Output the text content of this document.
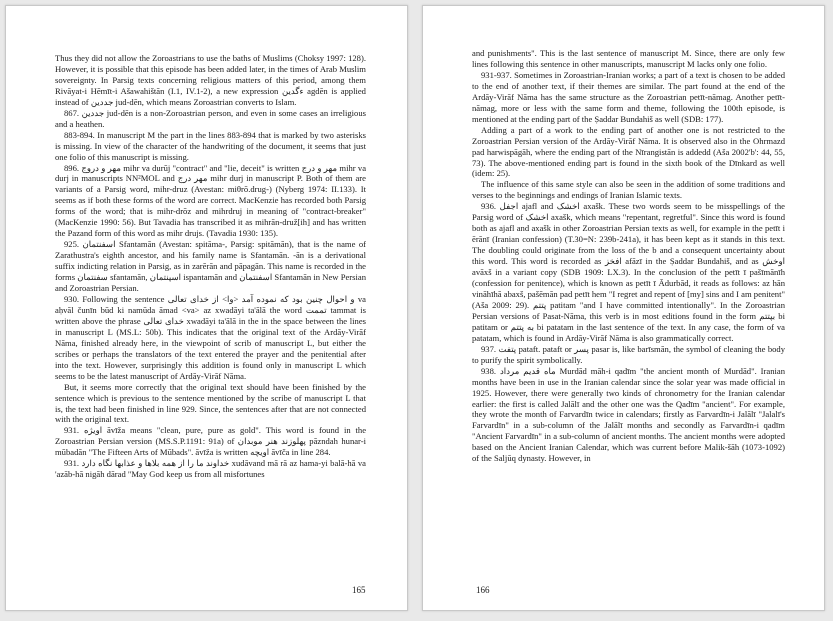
Thus they did not allow the Zoroastrians to use the baths of Muslims (Choksy 1997: 128). However, it is possible that this episode has been added later, in the times of Arab Muslim sovereignty. In Parsig texts concerning religious matters of this period, among them Rivāyat-i Hēmīt-i Ašawahištān (I.1, IV.1-2), a new expression ‏ءگدین‏ agdēn is applied instead of ‏جددین‏ jud-dēn, which means Zoroastrian converts to Islam.

867. ‏جددین‏ jud-dēn is a non-Zoroastrian person, and even in some cases an irreligious and a heathen.

883-894. In manuscript M the part in the lines 883-894 that is marked by two asterisks is missing. In view of the character of the handwriting of the document, it seems that just one folio of this manuscript is missing.

896. ‏مهر و دروج‏ mihr va durūj "contract" and "lie, deceit" is written ‏مهر و درج‏ mihr va durj in manuscripts NN²MOL and ‏مهر درج‏ mihr durj in manuscript P. Both of them are variants of a Parsig word, mihr-druz (Avestan: miθrō.drug-) (Nyberg 1974: II.133). It seems as if both these forms of the word are correct. MacKenzie has recorded both Parsig forms of the word; that is mihr-drōz and mihrdruj in meaning of "contract-breaker" (MacKenzie 1990: 56). But Tavadia has transcribed it as mihrān-druž[ih] and has written the Pazand form of this word as mihr drujs. (Tavadia 1930: 135).

925. ‏اسفنتمان‏ Sfantamān (Avestan: spitāma-, Parsig: spitāmān), that is the name of Zarathustra's eighth ancestor, and his family name is Sfantamān. -ān is a derivational suffix indicting relation in Parsig, as in zarērān and pāpagān. This name is recorded in the forms ‏سفنتمان‏ sfantamān, ‏اسپنتمان‏ ispantamān and ‏اسفنتمان‏ Sfantamān in New Persian and Zoroastrian Persian.

930. Following the sentence ‏و احوال چنین بود که نموده آمد <وا> از خدای تعالی‏ va aḥvāl čunīn būd ki namūda āmad <va> az xwadāyi ta'ālā the word ‏تممت‏ tammat is written above the phrase ‏خدای تعالی‏ xwadāyi ta'ālā in the in the space between the lines in manuscript L (MS.L: 50b). This indicates that the original text of the Ardāy-Virāf Nāma, finished already here, in the viewpoint of scrib of manuscript L, but either the scribes or perhaps the translators of the text entered the prayer and the penitential after into the text. However, surprisingly this addition is found only in manuscript L which seems to be the latest manuscript of Ardāy-Virāf Nāma.

But, it seems more correctly that the original text should have been finished by the sentence which is previous to the sentence mentioned by the scribe of manuscript L that is, the text had been finished in line 929. Since, the sentences after that are not connected with the original text.

931. ‏اویژه‏ āvīža means "clean, pure, pure as gold". This word is found in the Zoroastrian Persian version (MS.S.P.1191: 91a) of ‏پهلوزند هنر موبدان‏ pāzndah hunar-i mūbadān "The Fifteen Arts of Mūbads". āvīža is written ‏اویچه‏ āvīča in line 284.

931. ‏خداوند ما را از همه بلاها و عذابها نگاه دارد‏ xudāvand mā rā az hama-yi balā-hā va 'azāb-hā nigāh dārad "May God keep us from all misfortunes

165

and punishments". This is the last sentence of manuscript M. Since, there are only few lines following this sentence in other manuscripts, manuscript M lacks only one folio.

931-937. Sometimes in Zoroastrian-Iranian works; a part of a text is chosen to be added to the end of another text, if their themes are similar. The part found at the end of the Ardāy-Virāf Nāma has the same structure as the Zoroastrian petīt-nāmag. Another petīt-nāmag, more or less with the same form and theme, following the 100th episode, is mentioned at the ending part of the Ṣaddar Bundahiš as well (SDB: 177).

Adding a part of a work to the ending part of another one is not restricted to the Zoroastrian Persian version of the Ardāy-Virāf Nāma. It is observed also in the Ohrmazd pad harwispāgāh, where the ending part of the Nīrangistān is addedd (Aša 2002'b': 44, 55, 73). The above-mentioned ending part is found in the sixth book of the Dīnkard as well (idem: 25).

The influence of this same style can also be seen in the addition of some traditions and verses to the beginnings and endings of Iranian Islamic texts.

936. ‏اجفل‏ ajafl and ‏اخشک‏ axašk. These two words seem to be misspellings of the Parsig word of ‏اخشک‏ axašk, which means "repentant, regretful". Since this word is found both as ajafl and axašk in other Zoroastrian Persian texts as well, for example in the petīt i ērānī (Iranian confession) (T.30=N: 239b-241a), it has been kept as it stands in this text. The doubling could originate from the loss of the b and a consequent uncertainty about this word. This word is recorded as ‏افخز‏ afāzī in the Ṣaddar Bundahiš, and as ‏اوخش‏ avāxš in a variant copy (SDB 1909: LX.3). In the conclusion of the petīt ī pašīmānīh (confession for penitence), which is known as petīt ī Ādurbād, it reads as follows: az hān vināhīhā abaxš, pašēmān pad petīt hem "I regret and repent of [my] sins and I am penitent" (Aša 2009: 29). ‏پتتم‏ patitam "and I have committed intentionally". In the Zoroastrian Persian versions of Pasat-Nāma, this verb is in most editions found in the form ‏بپتتم‏ bi patitam or ‏به پتتم‏ bi patatam in the last sentence of the text. In any case, the form of va patatam, which is found in Ardāy-Virāf Nāma is also grammatically correct.

937. ‏پتفت‏ pataft. pataft or ‏پسر‏ pasar is, like barīsmān, the symbol of cleaning the body to purify the spirit symbolically.

938. ‏ماه قدیم مرداد‏ Murdād māh-i qadīm "the ancient month of Murdād". Iranian months have been in use in the Iranian calendar since the solar year was made official in 1925. However, there were generally two kinds of chronometry for the Iranian calendar earlier: the first is called Jalālī and the other one was the Qadīm "ancient". For example, they wrote the month of Farvardīn twice in calendars; firstly as Farvardīn-i Jalālī "Jalalī's Farvardīn" in a sub-column of the Jalālī months and secondly as Farvardīn-i qadīm "Ancient Farvardīn" in a sub-column of ancient months. The ancient months were adopted based on the Ancient Iranian Calendar, which was current before Malik-šāh (1073-1092) of the Saljūq dynasty. However, in

166
